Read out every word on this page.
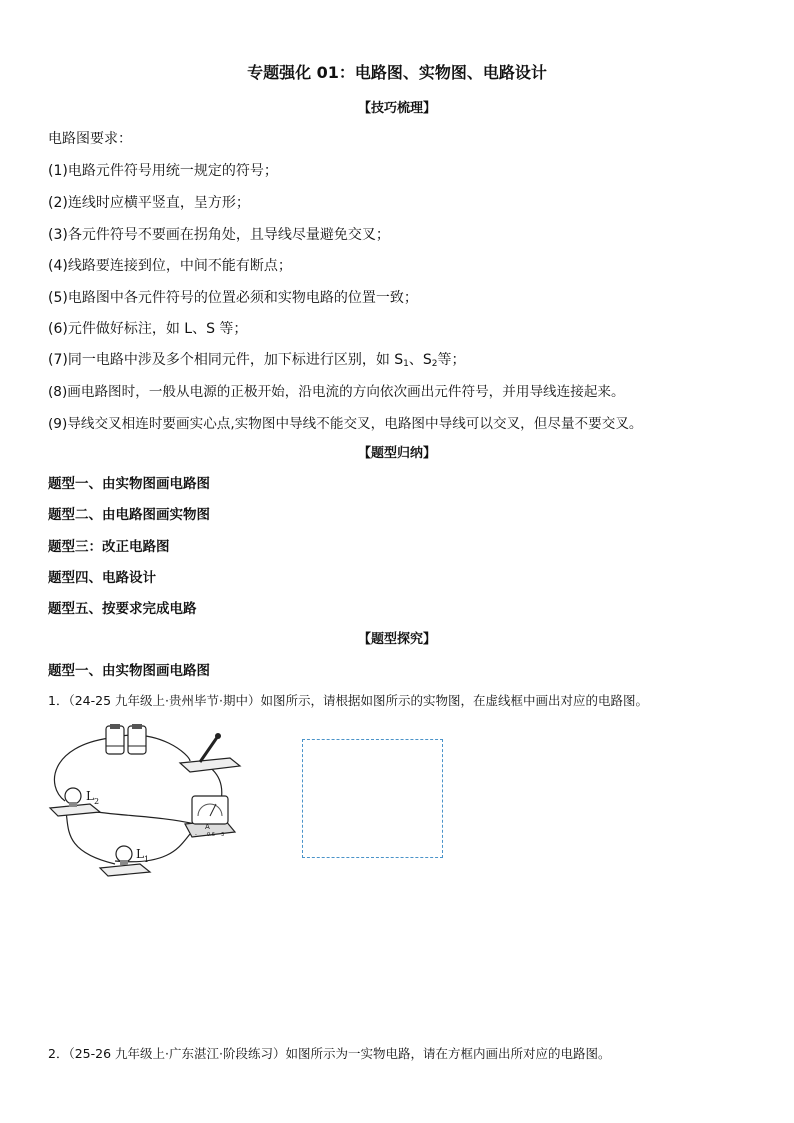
专题强化 01：电路图、实物图、电路设计
【技巧梳理】
电路图要求：
(1)电路元件符号用统一规定的符号；
(2)连线时应横平竖直，呈方形；
(3)各元件符号不要画在拐角处，且导线尽量避免交叉；
(4)线路要连接到位，中间不能有断点；
(5)电路图中各元件符号的位置必须和实物电路的位置一致；
(6)元件做好标注，如 L、S 等；
(7)同一电路中涉及多个相同元件，加下标进行区别，如 $S_1$、$S_2$等；
(8)画电路图时，一般从电源的正极开始，沿电流的方向依次画出元件符号，并用导线连接起来。
(9)导线交叉相连时要画实心点,实物图中导线不能交叉，电路图中导线可以交叉，但尽量不要交叉。
【题型归纳】
题型一、由实物图画电路图
题型二、由电路图画实物图
题型三：改正电路图
题型四、电路设计
题型五、按要求完成电路
【题型探究】
题型一、由实物图画电路图
1．（24-25 九年级上·贵州毕节·期中）如图所示，请根据如图所示的实物图，在虚线框中画出对应的电路图。
L 2
A
- 0.6 3
L 1
2．（25-26 九年级上·广东湛江·阶段练习）如图所示为一实物电路，请在方框内画出所对应的电路图。
